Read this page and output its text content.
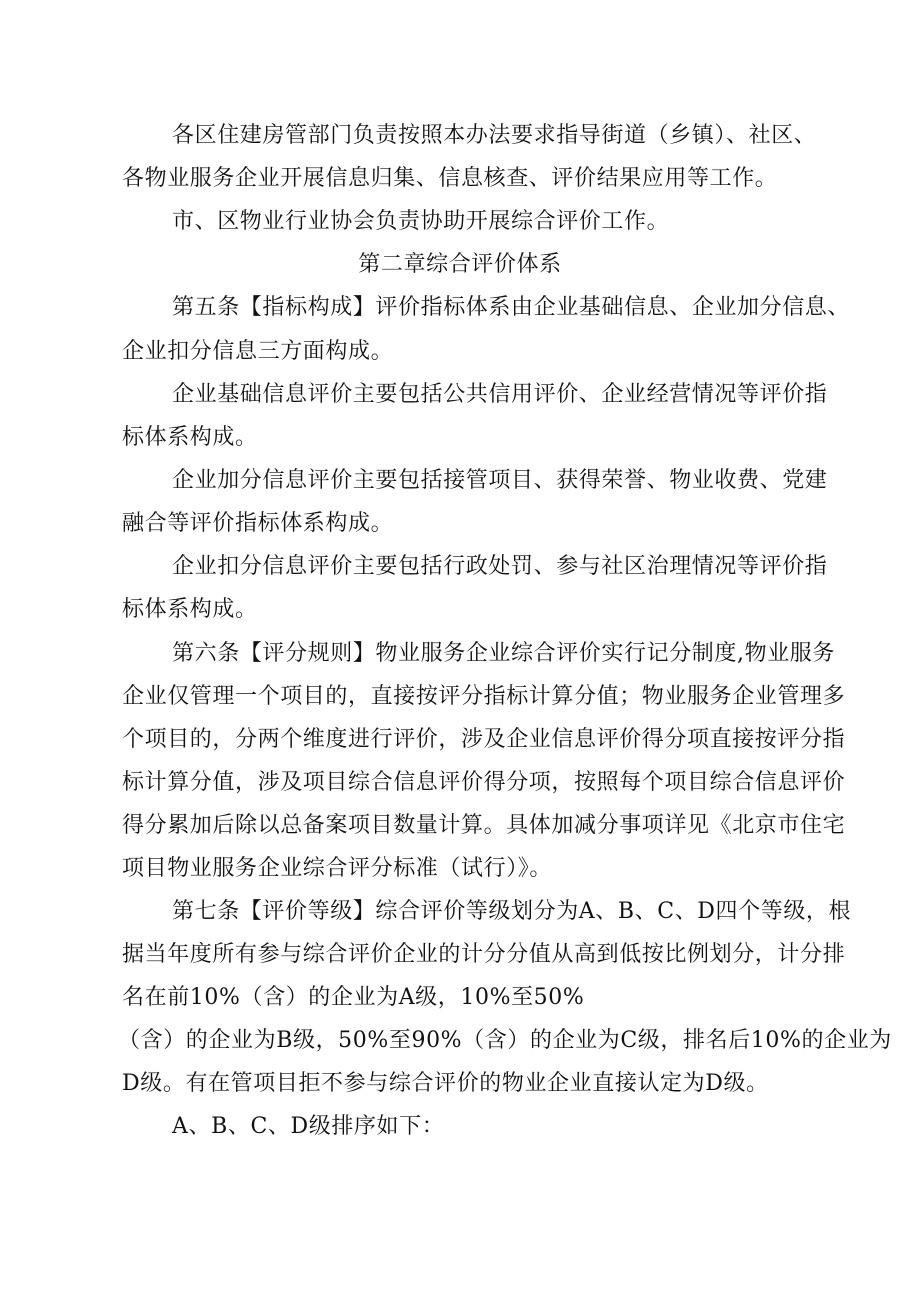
各区住建房管部门负责按照本办法要求指导街道（乡镇）、社区、

各物业服务企业开展信息归集、信息核查、评价结果应用等工作。

市、区物业行业协会负责协助开展综合评价工作。

第二章综合评价体系

第五条【指标构成】评价指标体系由企业基础信息、企业加分信息、

企业扣分信息三方面构成。

企业基础信息评价主要包括公共信用评价、企业经营情况等评价指

标体系构成。

企业加分信息评价主要包括接管项目、获得荣誉、物业收费、党建

融合等评价指标体系构成。

企业扣分信息评价主要包括行政处罚、参与社区治理情况等评价指

标体系构成。

第六条【评分规则】物业服务企业综合评价实行记分制度,物业服务

企业仅管理一个项目的，直接按评分指标计算分值；物业服务企业管理多

个项目的，分两个维度进行评价，涉及企业信息评价得分项直接按评分指

标计算分值，涉及项目综合信息评价得分项，按照每个项目综合信息评价

得分累加后除以总备案项目数量计算。具体加减分事项详见《北京市住宅

项目物业服务企业综合评分标准（试行）》。

第七条【评价等级】综合评价等级划分为A、B、C、D四个等级，根

据当年度所有参与综合评价企业的计分分值从高到低按比例划分，计分排

名在前10%（含）的企业为A级，10%至50%

（含）的企业为B级，50%至90%（含）的企业为C级，排名后10%的企业为

D级。有在管项目拒不参与综合评价的物业企业直接认定为D级。

A、B、C、D级排序如下：
